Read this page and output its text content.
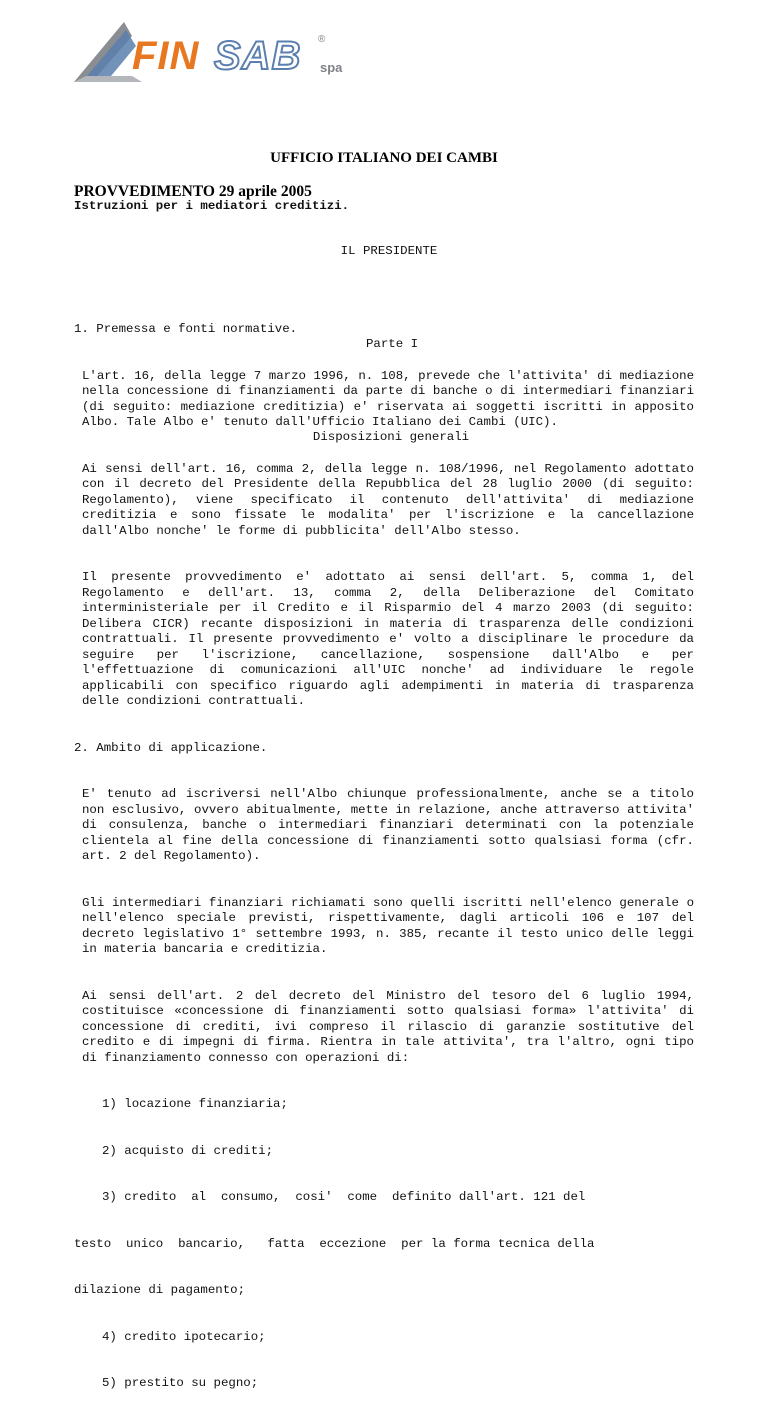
FIN SAB ®
spa
UFFICIO ITALIANO DEI CAMBI
PROVVEDIMENTO 29 aprile 2005
Istruzioni per i mediatori creditizi.

IL PRESIDENTE

Parte I

Disposizioni generali

1. Premessa e fonti normative.

L'art. 16, della legge 7 marzo 1996, n. 108, prevede che l'attivita' di mediazione nella concessione di finanziamenti da parte di banche o di intermediari finanziari (di seguito: mediazione creditizia) e' riservata ai soggetti iscritti in apposito Albo. Tale Albo e' tenuto dall'Ufficio Italiano dei Cambi (UIC).

Ai sensi dell'art. 16, comma 2, della legge n. 108/1996, nel Regolamento adottato con il decreto del Presidente della Repubblica del 28 luglio 2000 (di seguito: Regolamento), viene specificato il contenuto dell'attivita' di mediazione creditizia e sono fissate le modalita' per l'iscrizione e la cancellazione dall'Albo nonche' le forme di pubblicita' dell'Albo stesso.

Il presente provvedimento e' adottato ai sensi dell'art. 5, comma 1, del Regolamento e dell'art. 13, comma 2, della Deliberazione del Comitato interministeriale per il Credito e il Risparmio del 4 marzo 2003 (di seguito: Delibera CICR) recante disposizioni in materia di trasparenza delle condizioni contrattuali. Il presente provvedimento e' volto a disciplinare le procedure da seguire per l'iscrizione, cancellazione, sospensione dall'Albo e per l'effettuazione di comunicazioni all'UIC nonche' ad individuare le regole applicabili con specifico riguardo agli adempimenti in materia di trasparenza delle condizioni contrattuali.

2. Ambito di applicazione.

E' tenuto ad iscriversi nell'Albo chiunque professionalmente, anche se a titolo non esclusivo, ovvero abitualmente, mette in relazione, anche attraverso attivita' di consulenza, banche o intermediari finanziari determinati con la potenziale clientela al fine della concessione di finanziamenti sotto qualsiasi forma (cfr. art. 2 del Regolamento).

Gli intermediari finanziari richiamati sono quelli iscritti nell'elenco generale o nell'elenco speciale previsti, rispettivamente, dagli articoli 106 e 107 del decreto legislativo 1° settembre 1993, n. 385, recante il testo unico delle leggi in materia bancaria e creditizia.

Ai sensi dell'art. 2 del decreto del Ministro del tesoro del 6 luglio 1994, costituisce «concessione di finanziamenti sotto qualsiasi forma» l'attivita' di concessione di crediti, ivi compreso il rilascio di garanzie sostitutive del credito e di impegni di firma. Rientra in tale attivita', tra l'altro, ogni tipo di finanziamento connesso con operazioni di:

1) locazione finanziaria;

2) acquisto di crediti;

3) credito  al  consumo,  cosi'  come  definito dall'art. 121 del

testo  unico  bancario,   fatta  eccezione  per la forma tecnica della

dilazione di pagamento;

4) credito ipotecario;

5) prestito su pegno;
